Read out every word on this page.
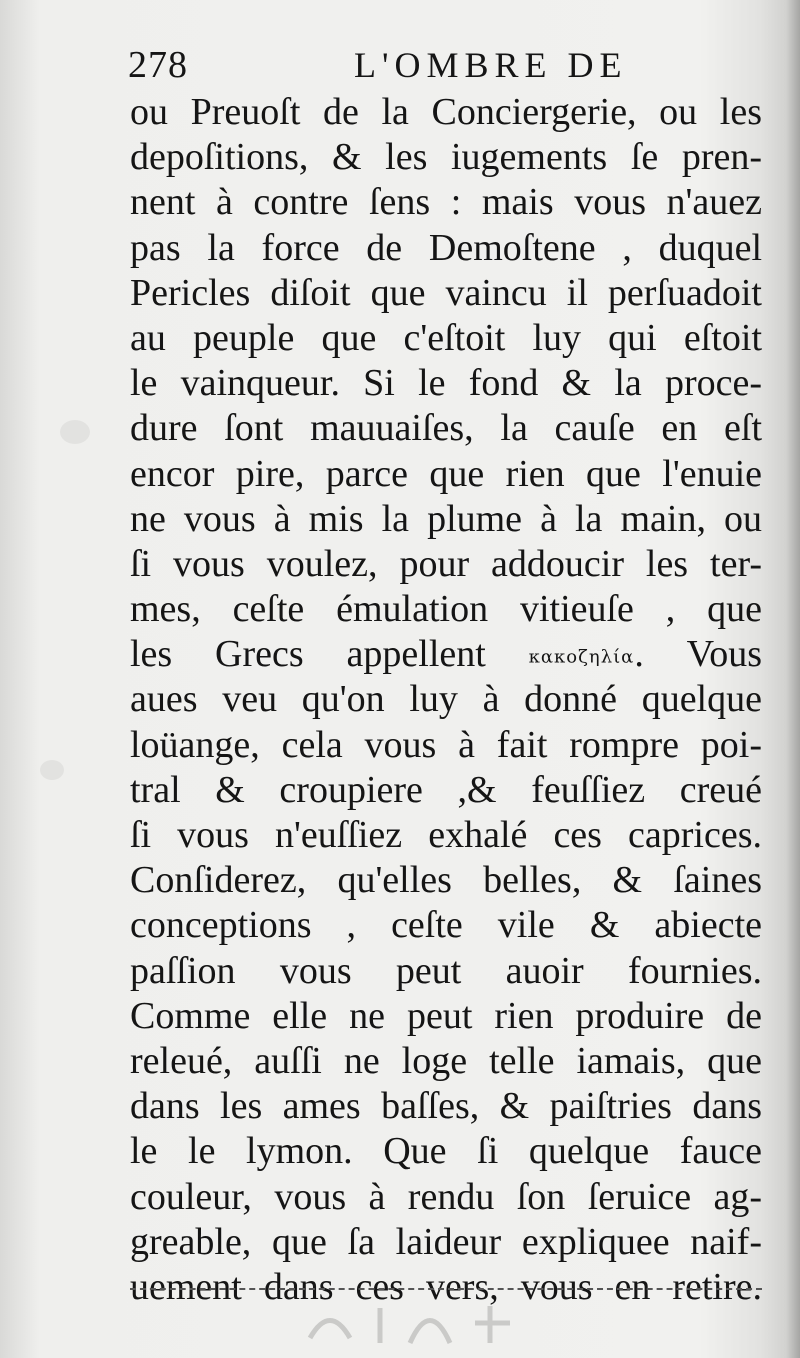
278	L'OMBRE DE
ou Preuoſt de la Conciergerie, ou les
depoſitions, & les iugements ſe pren-
nent à contre ſens : mais vous n'auez
pas la force de Demoſtene , duquel
Pericles diſoit que vaincu il perſuadoit
au peuple que c'eſtoit luy qui eſtoit
le vainqueur. Si le fond & la proce-
dure ſont mauuaiſes, la cauſe en eſt
encor pire, parce que rien que l'enuie
ne vous à mis la plume à la main, ou
ſi vous voulez, pour addoucir les ter-
mes, ceſte émulation vitieuſe , que
les Grecs appellent κακοζηλία. Vous
aues veu qu'on luy à donné quelque
loüange, cela vous à fait rompre poi-
tral & croupiere ,& feuſſiez creué
ſi vous n'euſſiez exhalé ces caprices.
Conſiderez, qu'elles belles, & ſaines
conceptions , ceſte vile & abiecte
paſſion vous peut auoir fournies.
Comme elle ne peut rien produire de
releué, auſſi ne loge telle iamais, que
dans les ames baſſes, & paiſtries dans
le le lymon. Que ſi quelque fauce
couleur, vous à rendu ſon ſeruice ag-
greable, que ſa laideur expliquee naif-
uement dans ces vers, vous en retire.
